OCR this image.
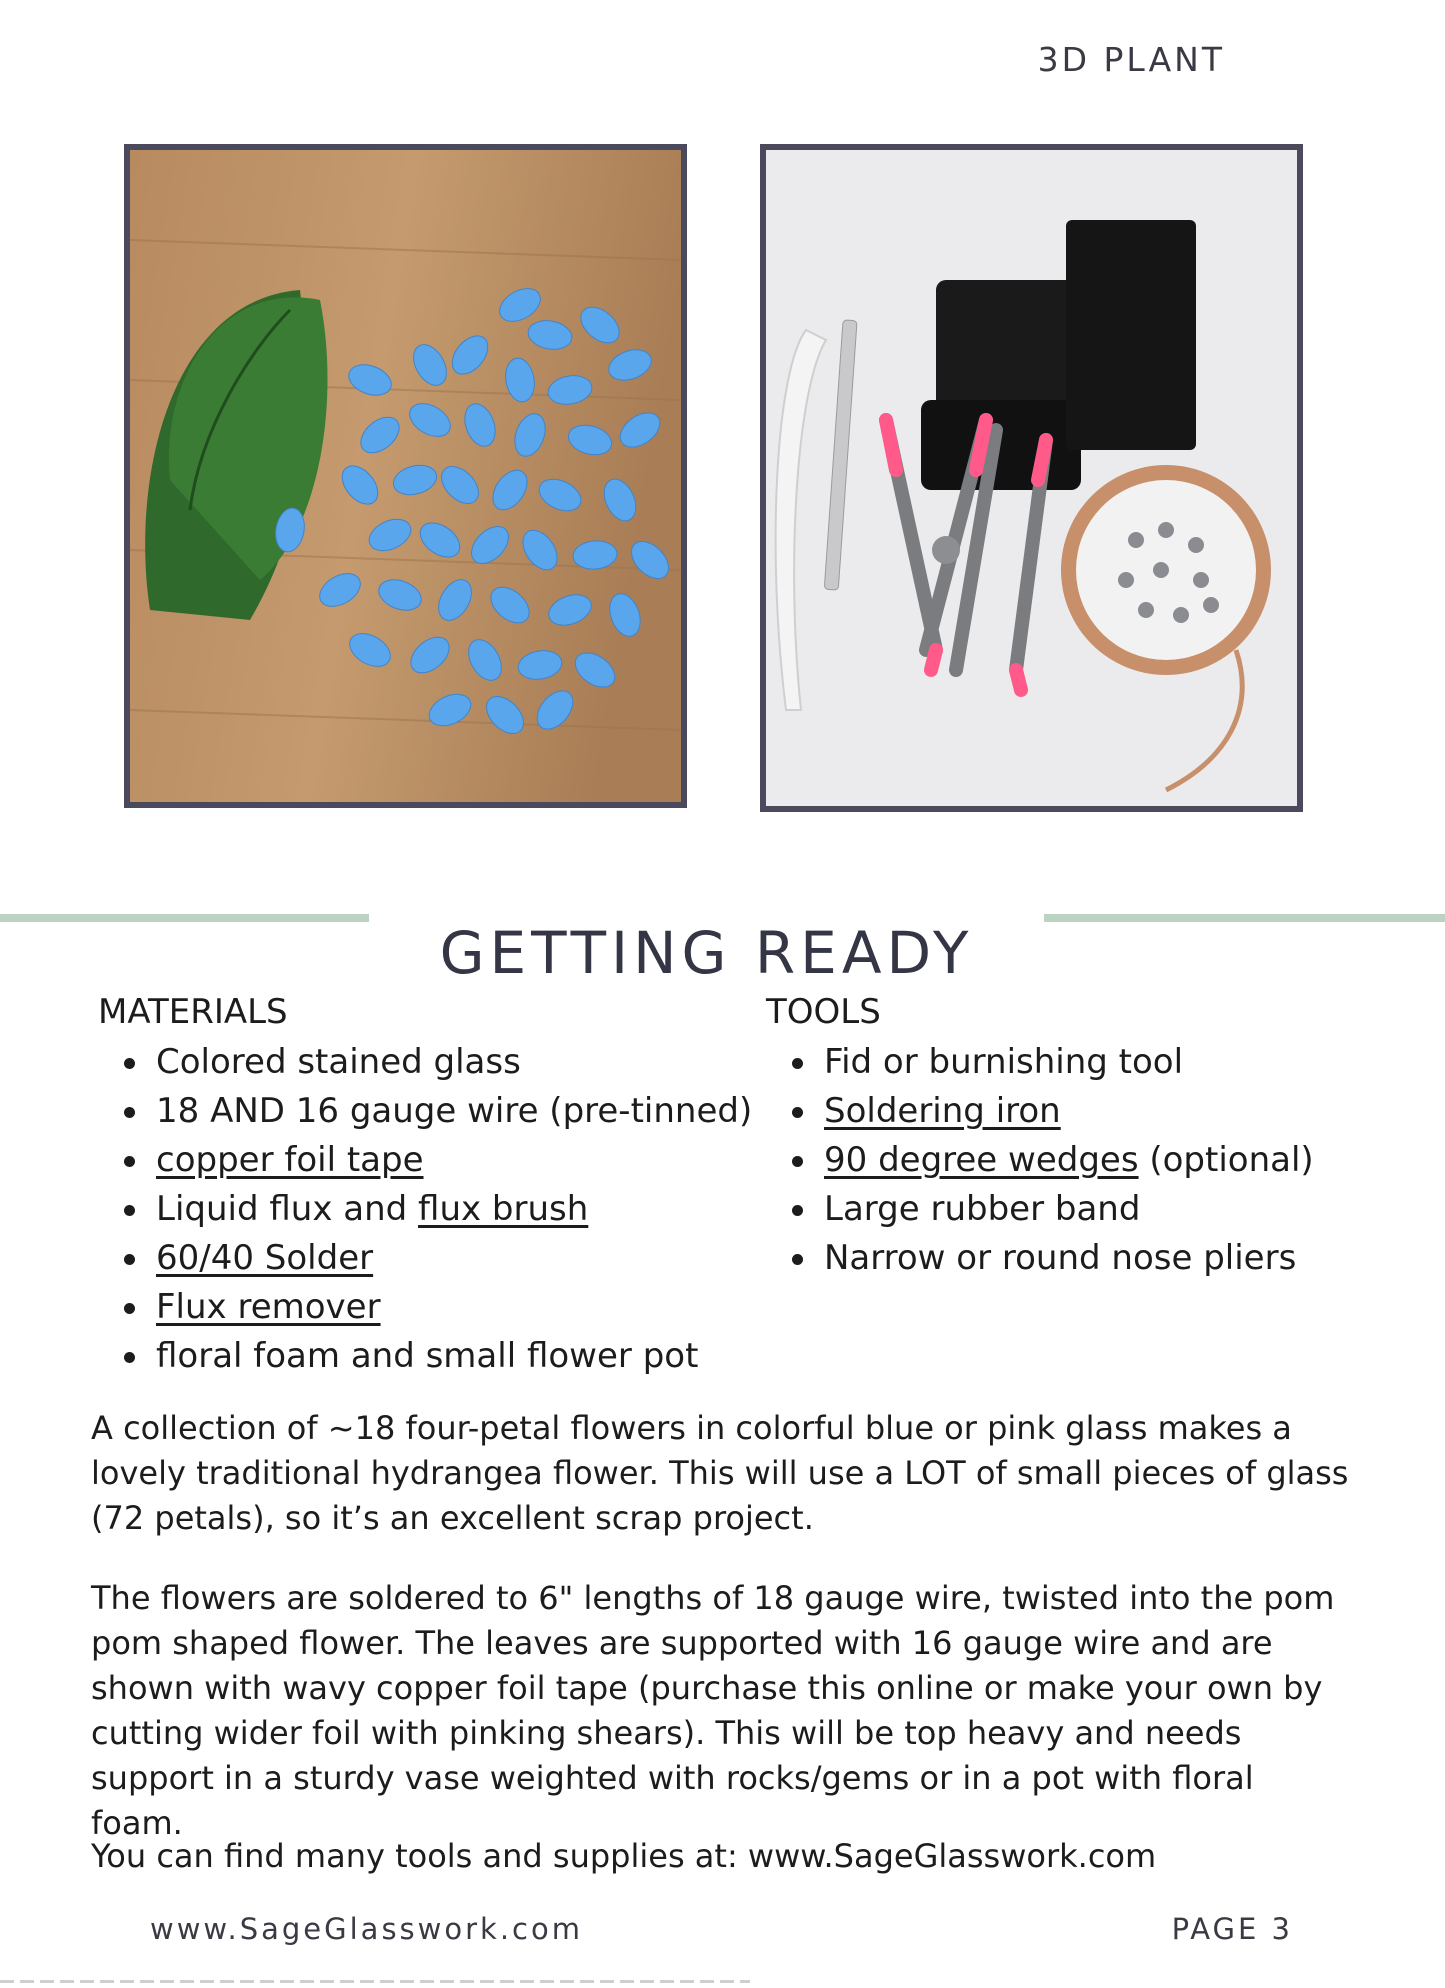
3D PLANT
GETTING READY
MATERIALS
Colored stained glass
18 AND 16 gauge wire (pre-tinned)
copper foil tape
Liquid flux and flux brush
60/40 Solder
Flux remover
floral foam and small flower pot
TOOLS
Fid or burnishing tool
Soldering iron
90 degree wedges (optional)
Large rubber band
Narrow or round nose pliers

A collection of ~18 four-petal flowers in colorful blue or pink glass makes a lovely traditional hydrangea flower. This will use a LOT of small pieces of glass (72 petals), so it’s an excellent scrap project.

The flowers are soldered to 6" lengths of 18 gauge wire, twisted into the pom pom shaped flower. The leaves are supported with 16 gauge wire and are shown with wavy copper foil tape (purchase this online or make your own by cutting wider foil with pinking shears). This will be top heavy and needs support in a sturdy vase weighted with rocks/gems or in a pot with floral foam.

You can find many tools and supplies at: www.SageGlasswork.com

www.SageGlasswork.com	PAGE 3
